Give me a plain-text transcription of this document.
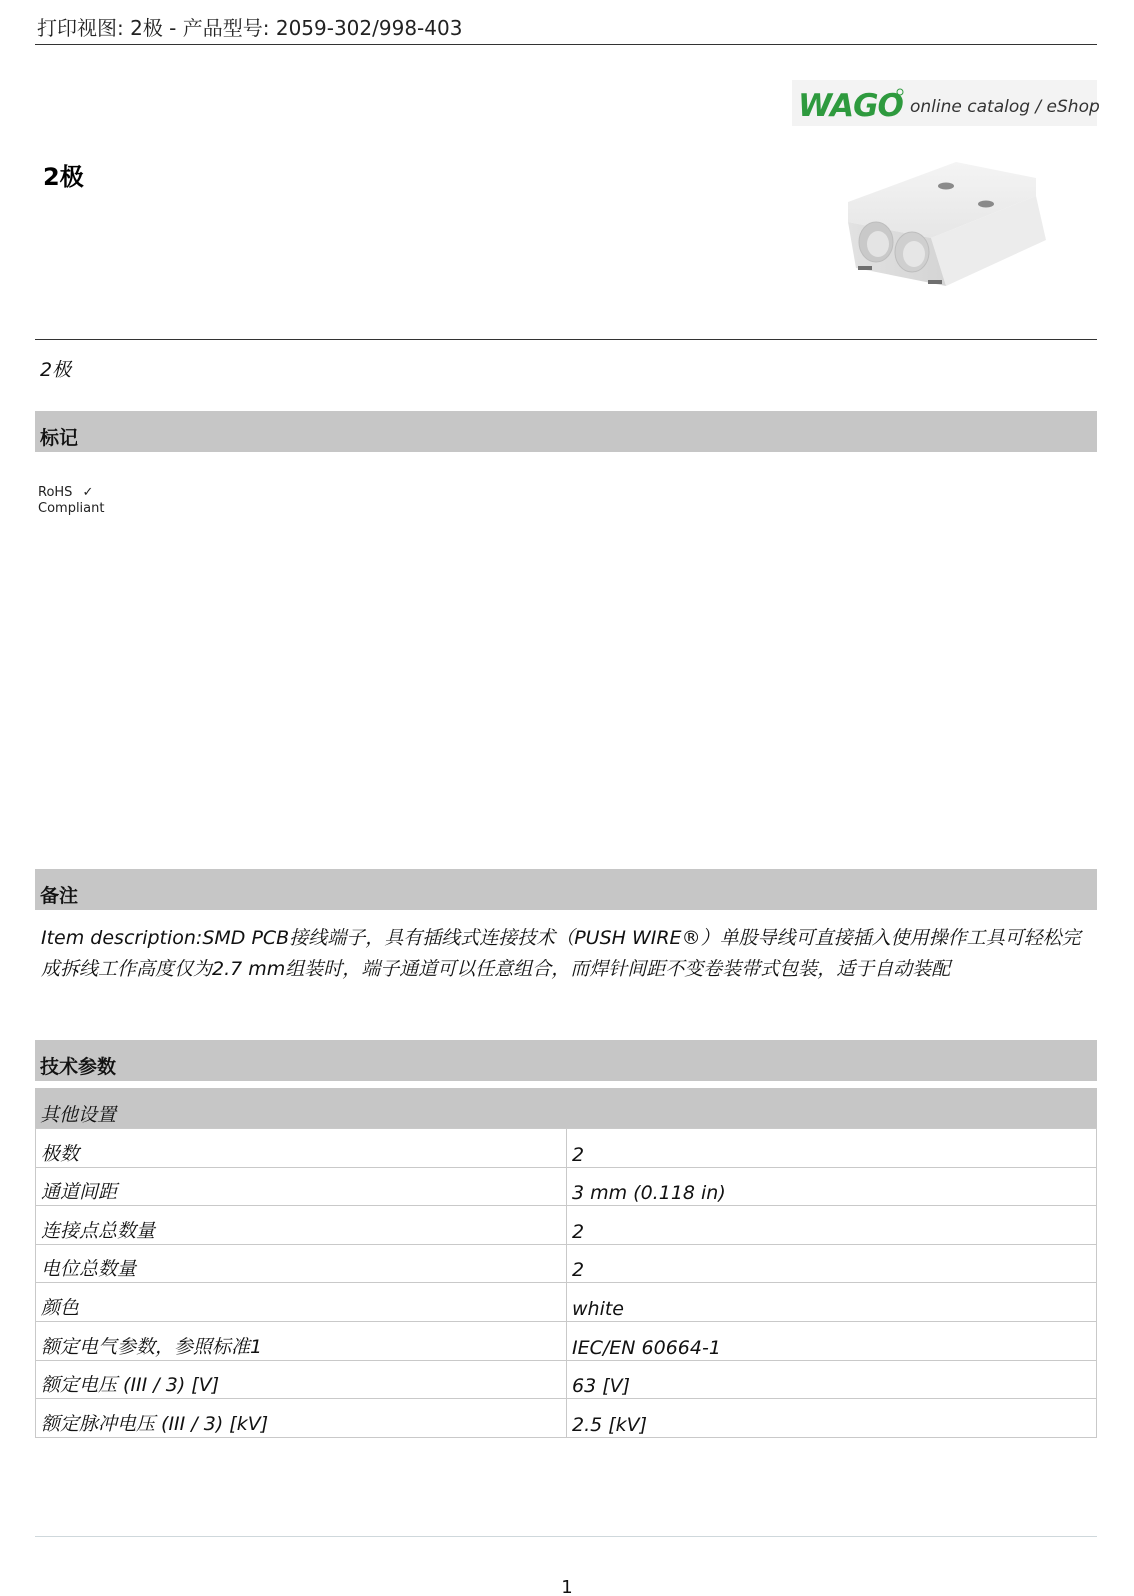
打印视图: 2极 - 产品型号: 2059-302/998-403
WAGO online catalog / eShop
2极
2极
标记
RoHS ✓
Compliant
备注
Item description:SMD PCB接线端子，具有插线式连接技术（PUSH WIRE®）单股导线可直接插入使用操作工具可轻松完成拆线工作高度仅为2.7 mm组装时，端子通道可以任意组合，而焊针间距不变卷装带式包装，适于自动装配
技术参数
其他设置
极数	2
通道间距	3 mm (0.118 in)
连接点总数量	2
电位总数量	2
颜色	white
额定电气参数，参照标准1	IEC/EN 60664-1
额定电压 (III / 3) [V]	63 [V]
额定脉冲电压 (III / 3) [kV]	2.5 [kV]
1
